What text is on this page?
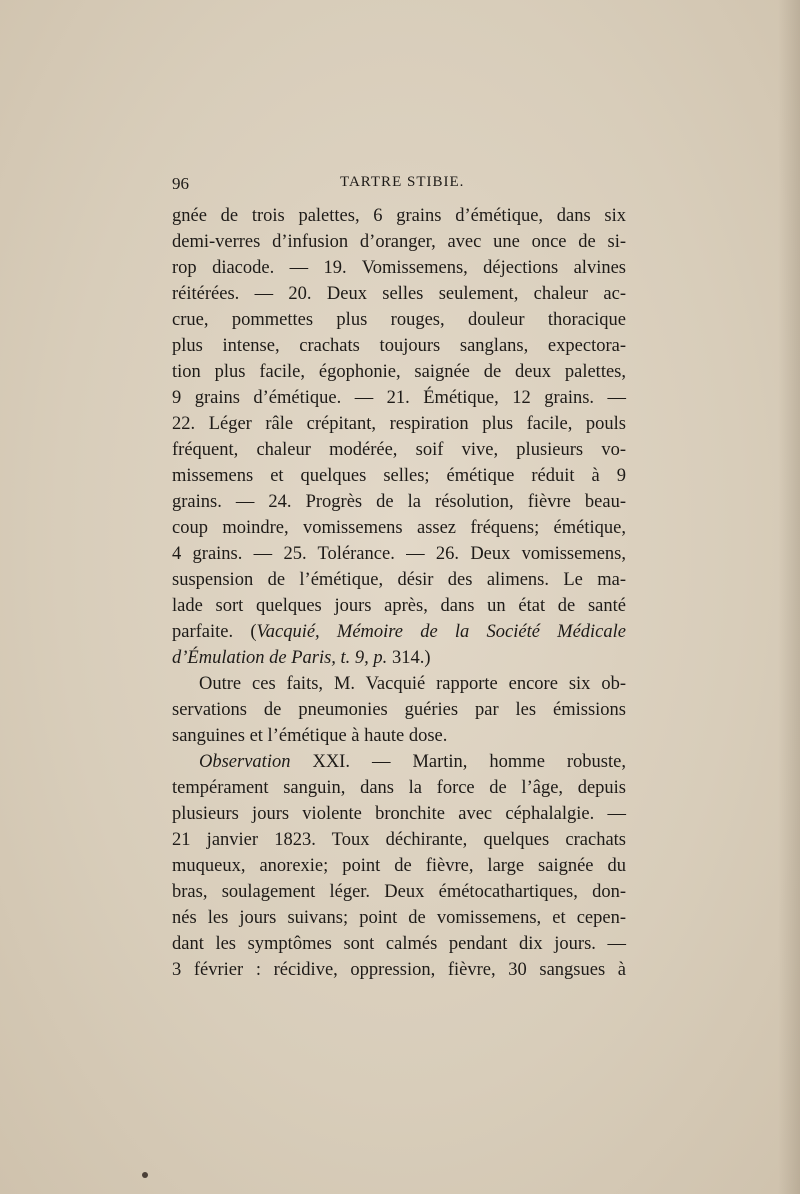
96	TARTRE STIBIE.
gnée de trois palettes, 6 grains d’émétique, dans six
demi-verres d’infusion d’oranger, avec une once de si-
rop diacode. — 19. Vomissemens, déjections alvines
réitérées. — 20. Deux selles seulement, chaleur ac-
crue, pommettes plus rouges, douleur thoracique
plus intense, crachats toujours sanglans, expectora-
tion plus facile, égophonie, saignée de deux palettes,
9 grains d’émétique. — 21. Émétique, 12 grains. —
22. Léger râle crépitant, respiration plus facile, pouls
fréquent, chaleur modérée, soif vive, plusieurs vo-
missemens et quelques selles; émétique réduit à 9
grains. — 24. Progrès de la résolution, fièvre beau-
coup moindre, vomissemens assez fréquens; émétique,
4 grains. — 25. Tolérance. — 26. Deux vomissemens,
suspension de l’émétique, désir des alimens. Le ma-
lade sort quelques jours après, dans un état de santé
parfaite. (Vacquié, Mémoire de la Société Médicale
d’Émulation de Paris, t. 9, p. 314.)
Outre ces faits, M. Vacquié rapporte encore six ob-
servations de pneumonies guéries par les émissions
sanguines et l’émétique à haute dose.
Observation XXI. — Martin, homme robuste,
tempérament sanguin, dans la force de l’âge, depuis
plusieurs jours violente bronchite avec céphalalgie. —
21 janvier 1823. Toux déchirante, quelques crachats
muqueux, anorexie; point de fièvre, large saignée du
bras, soulagement léger. Deux émétocathartiques, don-
nés les jours suivans; point de vomissemens, et cepen-
dant les symptômes sont calmés pendant dix jours. —
3 février : récidive, oppression, fièvre, 30 sangsues à
